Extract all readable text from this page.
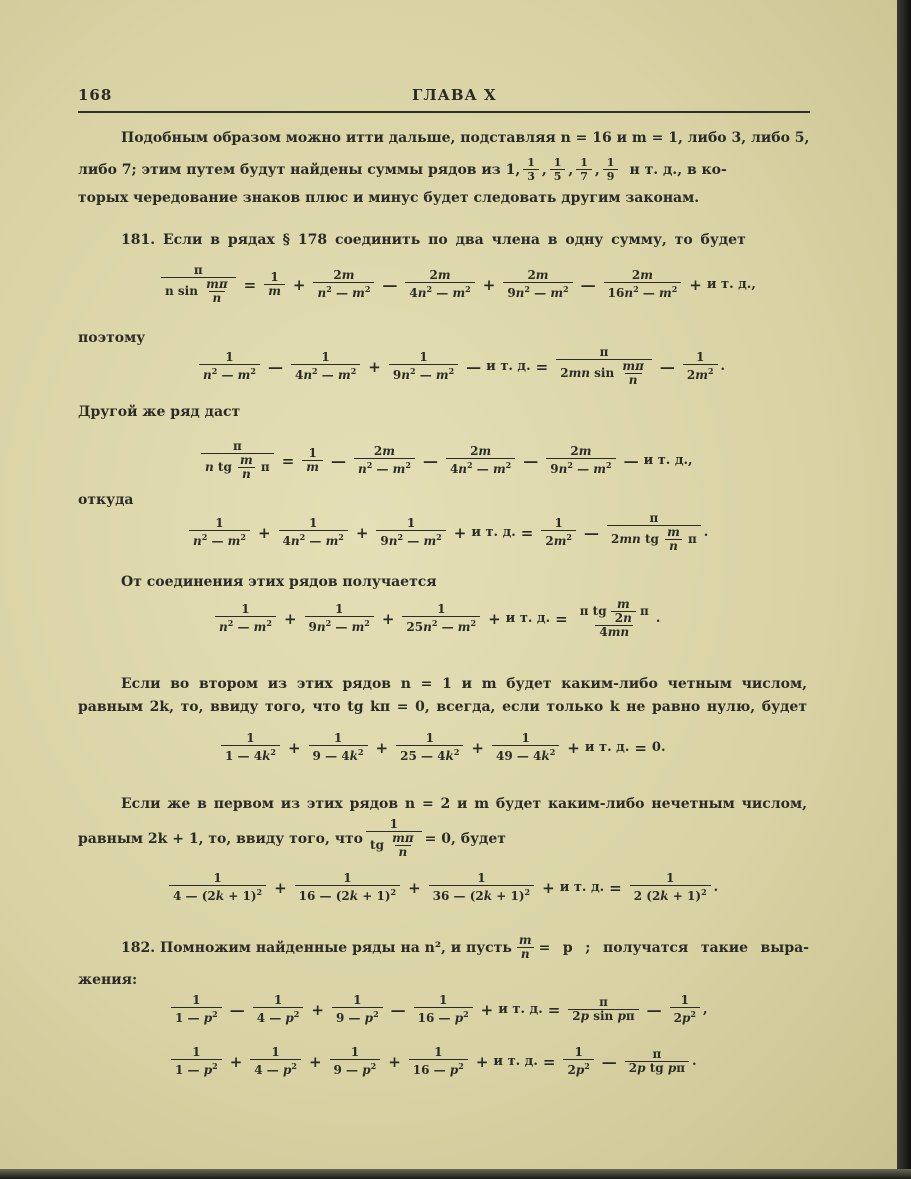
168	ГЛАВА X
Подобным образом можно итти дальше, подставляя n = 16 и m = 1, либо 3, либо 5,
либо 7; этим путем будут найдены суммы рядов из 1, 1
3 , 1
5 , 1
7 , 1
9 н т. д., в ко-
торых чередование знаков плюс и минус будет следовать другим законам.
181. Если в рядах § 178 соединить по два члена в одну сумму, то будет
π
n $\sin \frac{m\pi}{n} = \frac{1}{m} + \frac{2m}{n^2 — m^2}$ —
2m
$4n^2$ — $m^2 + \frac{2m}{9n^2 — m^2}$ —
2m
$16n^2$ — $m^2 + и$ т. д. ,
поэтому
1
$n^2$ — $m^2$ —
1
$4n^2$ — $m^2 + \frac{1}{9n^2 — m^2}$ — и т. д. =
π
2mn $\sin \frac{m\pi}{n}$ —
1
$2m^2$ .
Другой же ряд даст
$\frac{\pi}{n tg \frac{m}{n} \pi} = \frac{1}{m}$ —
2m
$n^2$ — $m^2$ —
2m
$4n^2$ — $m^2$ —
2m
$9n^2$ — $m^2$ — и т. д. ,
откуда
1
$n^2$ — $m^2 + \frac{1}{4n^2 — m^2} + \frac{1}{9n^2 — m^2} + и$ т. д. = $\frac{1}{2m^2}$ —
π
2mn tg $\frac{m}{n}$ π .
От соединения этих рядов получается
1
$n^2$ — $m^2 + \frac{1}{9n^2 — m^2} + \frac{1}{25n^2 — m^2} + и$ т. д. = $\frac{\pi tg \frac{m}{2n} \pi}{4mn}$ .
Если во втором из этих рядов n = 1 и m будет каким-либо четным числом,
равным 2k, то, ввиду того, что tg kπ = 0, всегда, если только k не равно нулю, будет
1
1 — $4k^2 + \frac{1}{9 — 4k^2} + \frac{1}{25 — 4k^2} + \frac{1}{49 — 4k^2} + и$ т. д. = 0.
Если же в первом из этих рядов n = 2 и m будет каким-либо нечетным числом,
равным 2k + 1, то, ввиду того, что
1
tg $\frac{m\pi}{n} = 0$, будет
1
4 — $(2k + 1)^2 + \frac{1}{16 — (2k + 1)^2} + \frac{1}{36 — (2k + 1)^2} + и$ т. д. = $\frac{1}{2 (2k + 1)^2}$ .
182. Помножим найденные ряды на n², и пусть $\frac{m}{n} = p$ ; получатся такие выра-
жения:
1
1 — $p^2$ —
1
4 — $p^2 + \frac{1}{9 — p^2}$ —
1
16 — $p^2 + и$ т. д. = $\frac{\pi}{\text{2p sin pπ}}$ —
1
$2p^2$ ,
1
1 — $p^2 + \frac{1}{4 — p^2} + \frac{1}{9 — p^2} + \frac{1}{16 — p^2} + и$ т. д. = $\frac{1}{2p^2}$ —	π
2p tg pπ .
